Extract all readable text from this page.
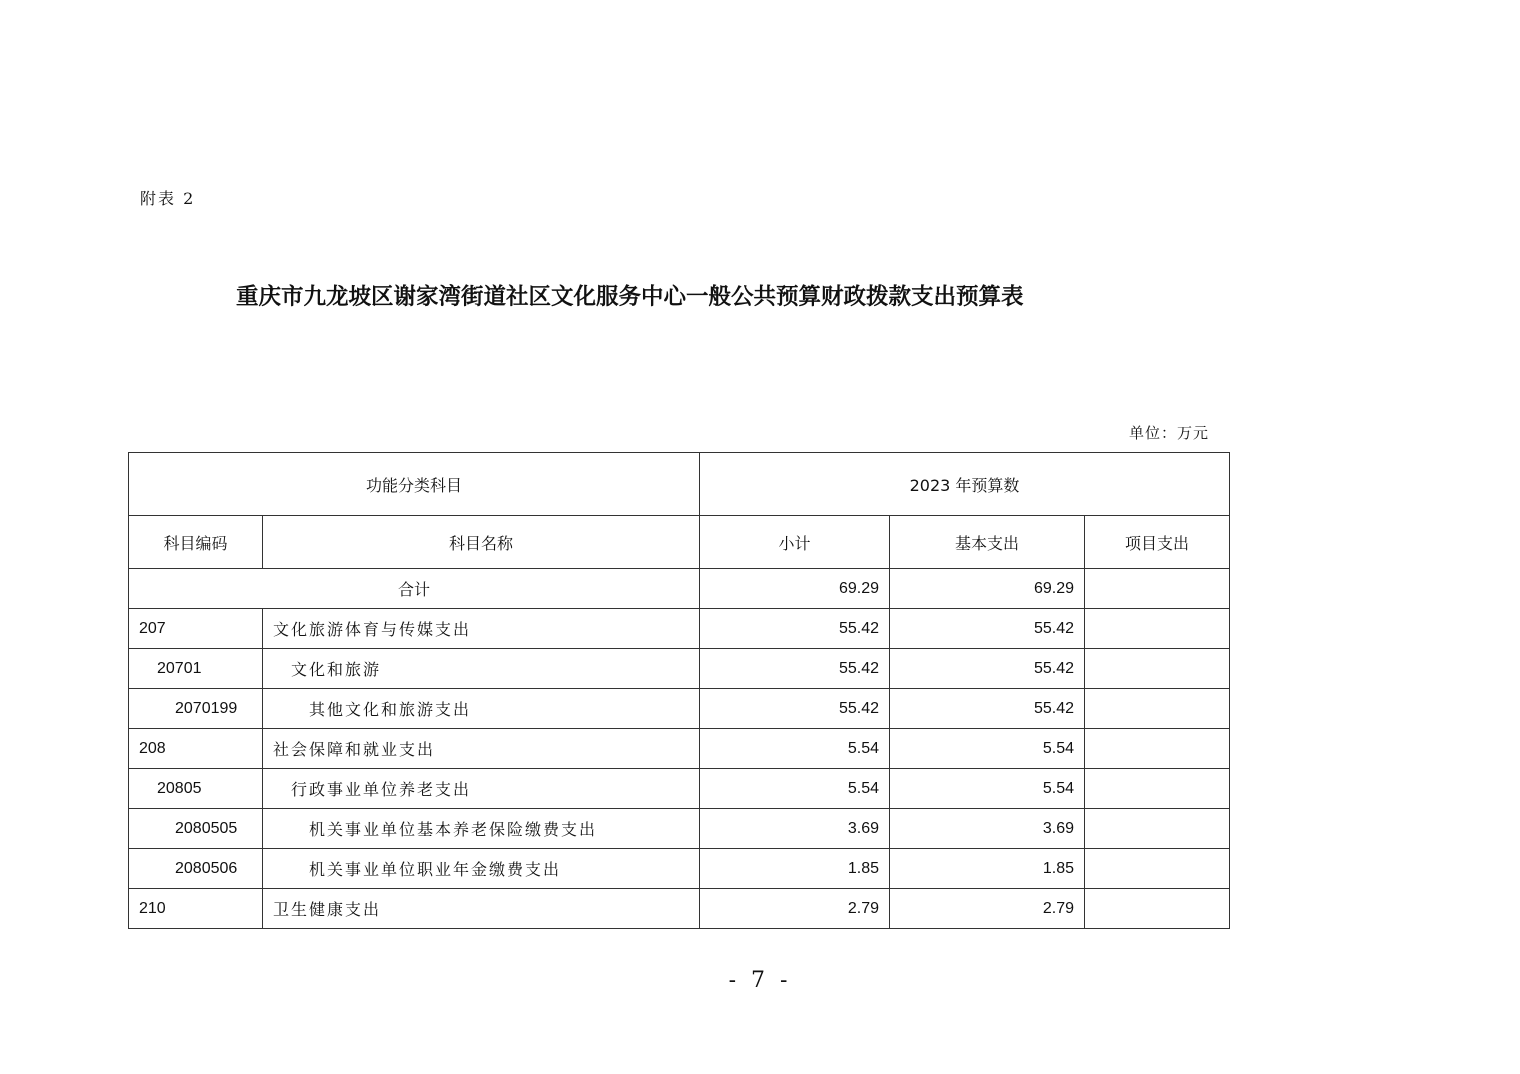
附表 2
重庆市九龙坡区谢家湾街道社区文化服务中心一般公共预算财政拨款支出预算表
单位：万元
功能分类科目		2023 年预算数		
科目编码	科目名称	小计	基本支出	项目支出
合计		69.29	69.29	
207	文化旅游体育与传媒支出	55.42	55.42	
20701	文化和旅游	55.42	55.42	
2070199	其他文化和旅游支出	55.42	55.42	
208	社会保障和就业支出	5.54	5.54	
20805	行政事业单位养老支出	5.54	5.54	
2080505	机关事业单位基本养老保险缴费支出	3.69	3.69	
2080506	机关事业单位职业年金缴费支出	1.85	1.85	
210	卫生健康支出	2.79	2.79	
- 7 -
